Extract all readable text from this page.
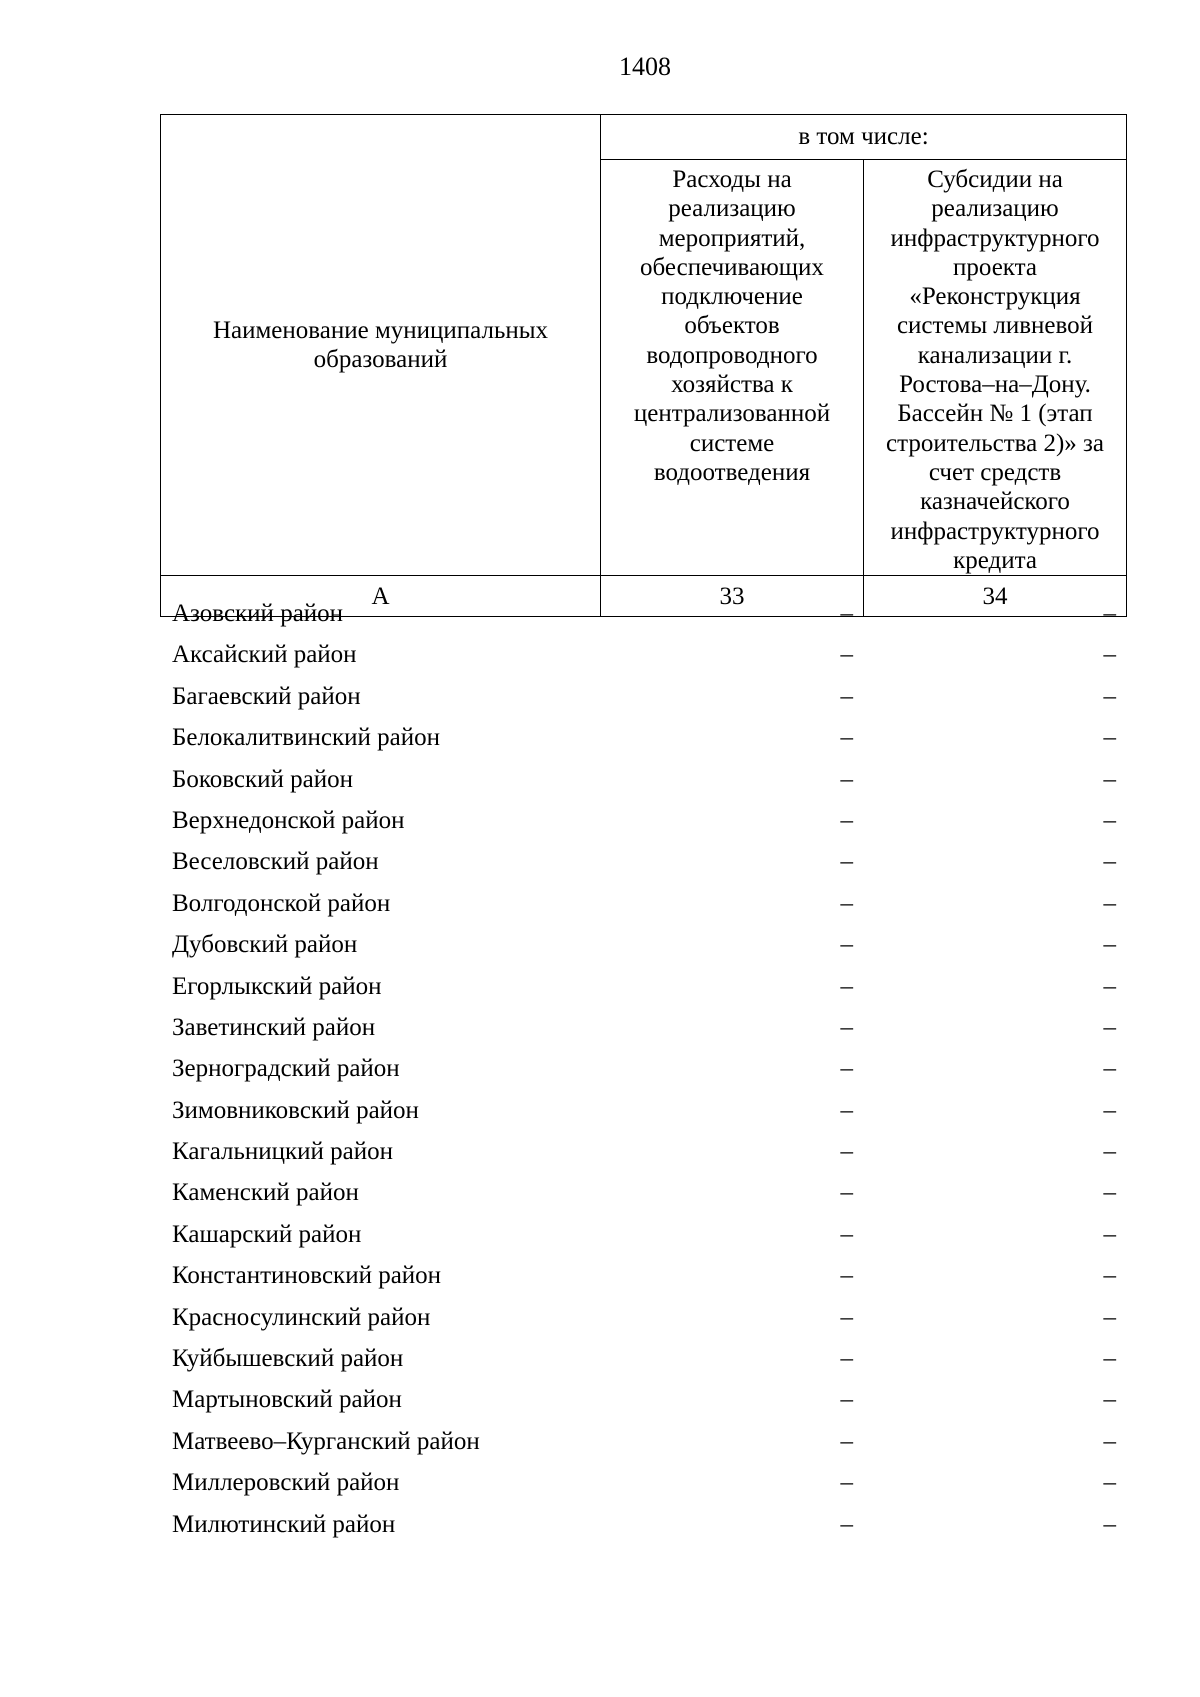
1408
Наименование муниципальных образований	в том числе:	
	Расходы на реализацию мероприятий, обеспечивающих подключение объектов водопроводного хозяйства к централизованной системе водоотведения	Субсидии на реализацию инфраструктурного проекта «Реконструкция системы ливневой канализации г. Ростова–на–Дону. Бассейн № 1 (этап строительства 2)» за счет средств казначейского инфраструктурного кредита
А	33	34
Азовский район	–	–
Аксайский район	–	–
Багаевский район	–	–
Белокалитвинский район	–	–
Боковский район	–	–
Верхнедонской район	–	–
Веселовский район	–	–
Волгодонской район	–	–
Дубовский район	–	–
Егорлыкский район	–	–
Заветинский район	–	–
Зерноградский район	–	–
Зимовниковский район	–	–
Кагальницкий район	–	–
Каменский район	–	–
Кашарский район	–	–
Константиновский район	–	–
Красносулинский район	–	–
Куйбышевский район	–	–
Мартыновский район	–	–
Матвеево–Курганский район	–	–
Миллеровский район	–	–
Милютинский район	–	–
